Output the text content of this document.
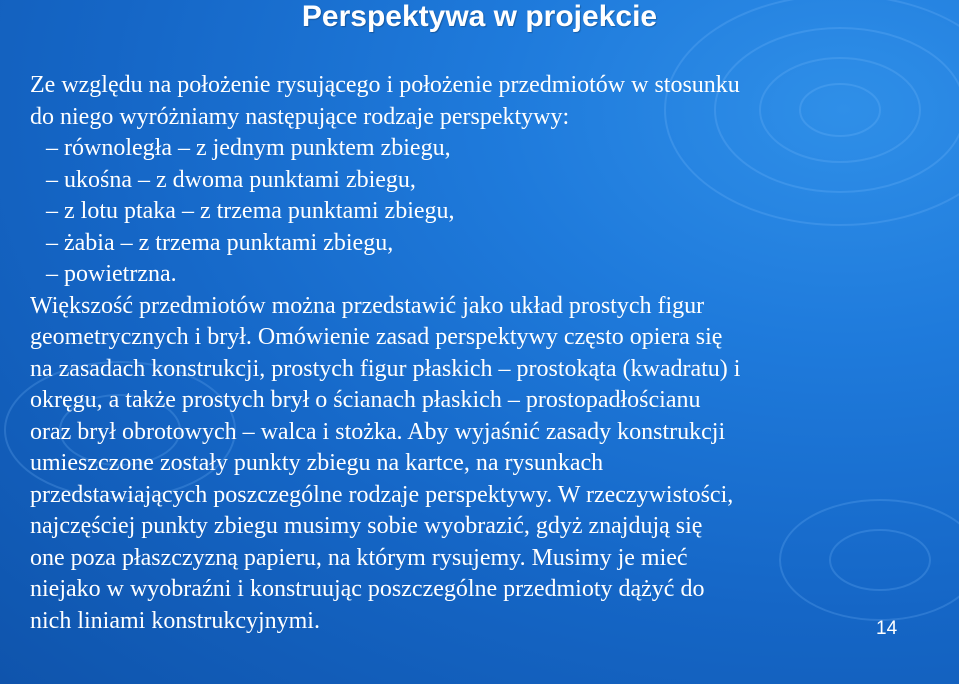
Perspektywa w projekcie
Ze względu na położenie rysującego i położenie przedmiotów w stosunku
do niego wyróżniamy następujące rodzaje perspektywy:
– równoległa – z jednym punktem zbiegu,
– ukośna – z dwoma punktami zbiegu,
– z lotu ptaka – z trzema punktami zbiegu,
– żabia – z trzema punktami zbiegu,
– powietrzna.
Większość przedmiotów można przedstawić jako układ prostych figur
geometrycznych i brył. Omówienie zasad perspektywy często opiera się
na zasadach konstrukcji, prostych figur płaskich – prostokąta (kwadratu) i
okręgu, a także prostych brył o ścianach płaskich – prostopadłościanu
oraz brył obrotowych – walca i stożka. Aby wyjaśnić zasady konstrukcji
umieszczone zostały punkty zbiegu na kartce, na rysunkach
przedstawiających poszczególne rodzaje perspektywy. W rzeczywistości,
najczęściej punkty zbiegu musimy sobie wyobrazić, gdyż znajdują się
one poza płaszczyzną papieru, na którym rysujemy. Musimy je mieć
niejako w wyobraźni i konstruując poszczególne przedmioty dążyć do
nich liniami konstrukcyjnymi.	14
